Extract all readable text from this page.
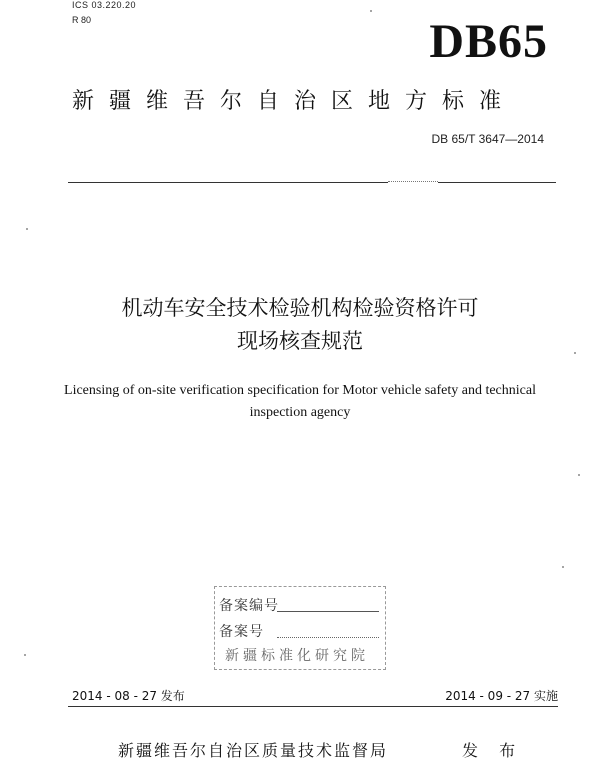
ICS 03.220.20
R 80	DB65
新疆维吾尔自治区地方标准
DB 65/T 3647—2014
机动车安全技术检验机构检验资格许可
现场核查规范
Licensing of on-site verification specification for Motor vehicle safety and technical
inspection agency
备案编号
备案号
新疆标准化研究院
2014 - 08 - 27 发布	2014 - 09 - 27 实施
新疆维吾尔自治区质量技术监督局	发 布
